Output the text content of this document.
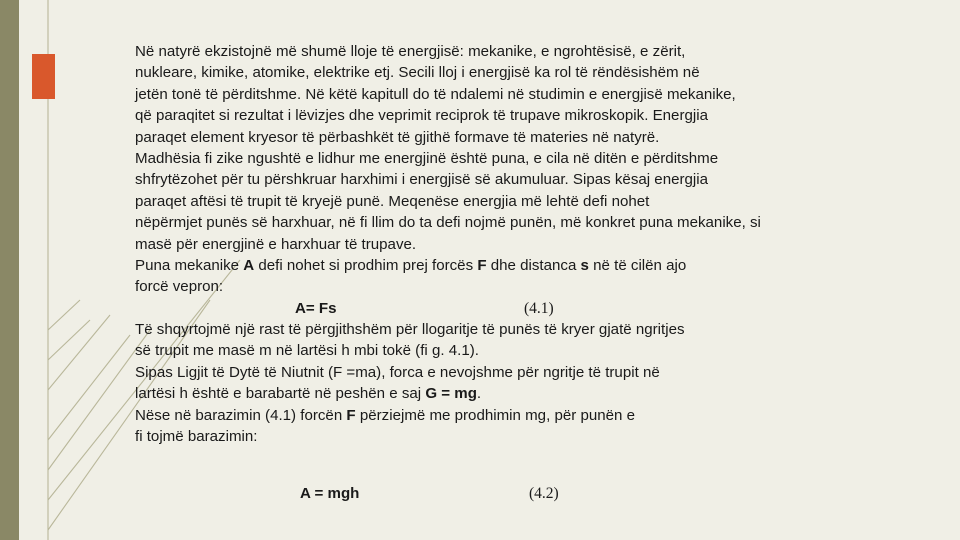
Në natyrë ekzistojnë më shumë lloje të energjisë: mekanike, e ngrohtësisë, e zërit,
nukleare, kimike, atomike, elektrike etj. Secili lloj i energjisë ka rol të rëndësishëm në
jetën tonë të përditshme. Në këtë kapitull do të ndalemi në studimin e energjisë mekanike,
që paraqitet si rezultat i lëvizjes dhe veprimit reciprok të trupave mikroskopik. Energjia
paraqet element kryesor të përbashkët të gjithë formave të materies në natyrë.
Madhësia fi zike ngushtë e lidhur me energjinë është puna, e cila në ditën e përditshme
shfrytëzohet për tu përshkruar harxhimi i energjisë së akumuluar. Sipas kësaj energjia
paraqet aftësi të trupit të kryejë punë. Meqenëse energjia më lehtë defi nohet
nëpërmjet punës së harxhuar, në fi llim do ta defi nojmë punën, më konkret puna mekanike, si
masë për energjinë e harxhuar të trupave.
Puna mekanike A defi nohet si prodhim prej forcës F dhe distanca s në të cilën ajo
forcë vepron:
A= Fs	(4.1)
Të shqyrtojmë një rast të përgjithshëm për llogaritje të punës të kryer gjatë ngritjes
së trupit me masë m në lartësi h mbi tokë (fi g. 4.1).
Sipas Ligjit të Dytë të Niutnit (F =ma), forca e nevojshme për ngritje të trupit në
lartësi h është e barabartë në peshën e saj G = mg.
Nëse në barazimin (4.1) forcën F përziejmë me prodhimin mg, për punën e
fi tojmë barazimin:
A = mgh	(4.2)
